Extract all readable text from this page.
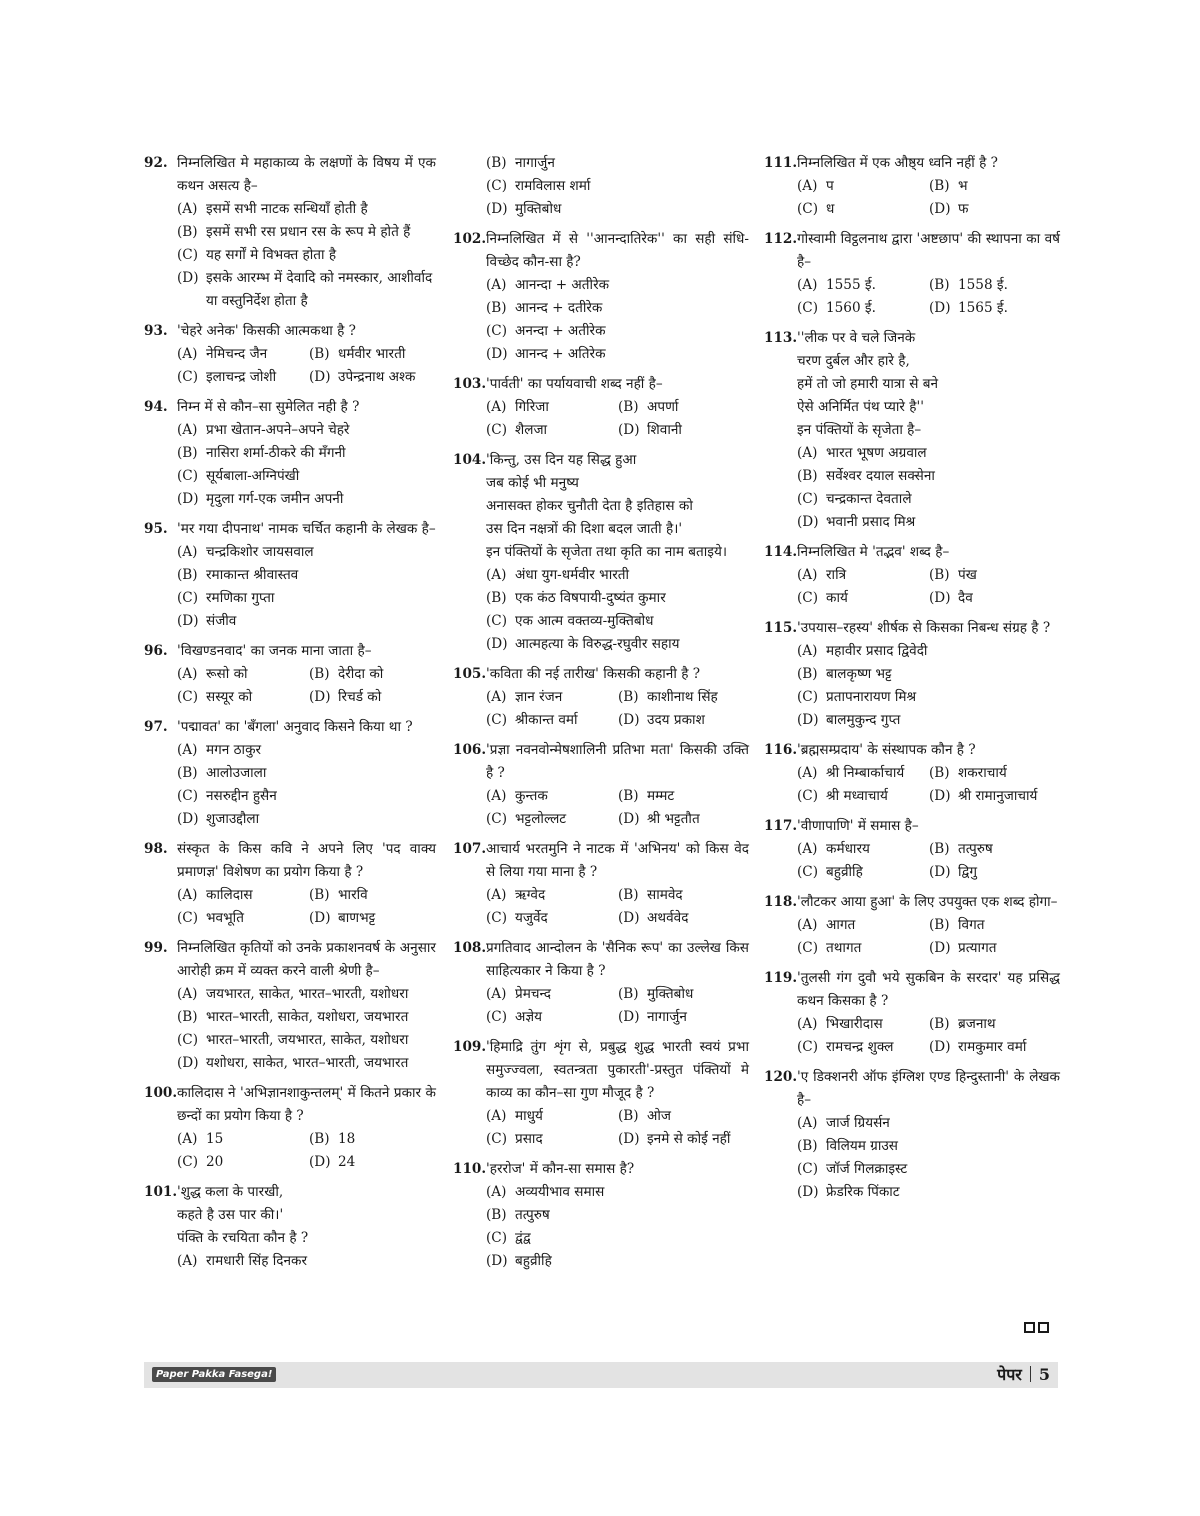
92. निम्नलिखित मे महाकाव्य के लक्षणों के विषय में एक कथन असत्य है–
(A) इसमें सभी नाटक सन्धियाँ होती है
(B) इसमें सभी रस प्रधान रस के रूप मे होते हैं
(C) यह सर्गों मे विभक्त होता है
(D) इसके आरम्भ में देवादि को नमस्कार, आशीर्वाद या वस्तुनिर्देश होता है
93. 'चेहरे अनेक' किसकी आत्मकथा है ?
(A) नेमिचन्द जैन	(B) धर्मवीर भारती
(C) इलाचन्द्र जोशी	(D) उपेन्द्रनाथ अश्क
94. निम्न में से कौन–सा सुमेलित नही है ?
(A) प्रभा खेतान-अपने–अपने चेहरे
(B) नासिरा शर्मा-ठीकरे की मँगनी
(C) सूर्यबाला-अग्निपंखी
(D) मृदुला गर्ग-एक जमीन अपनी
95. 'मर गया दीपनाथ' नामक चर्चित कहानी के लेखक है–
(A) चन्द्रकिशोर जायसवाल
(B) रमाकान्त श्रीवास्तव
(C) रमणिका गुप्ता
(D) संजीव
96. 'विखण्डनवाद' का जनक माना जाता है–
(A) रूसो को	(B) देरीदा को
(C) सस्यूर को	(D) रिचर्ड को
97. 'पद्मावत' का 'बँगला' अनुवाद किसने किया था ?
(A) मगन ठाकुर
(B) आलोउजाला
(C) नसरुद्दीन हुसैन
(D) शुजाउद्दौला
98. संस्कृत के किस कवि ने अपने लिए 'पद वाक्य प्रमाणज्ञ' विशेषण का प्रयोग किया है ?
(A) कालिदास	(B) भारवि
(C) भवभूति	(D) बाणभट्ट
99. निम्नलिखित कृतियों को उनके प्रकाशनवर्ष के अनुसार आरोही क्रम में व्यक्त करने वाली श्रेणी है–
(A) जयभारत, साकेत, भारत–भारती, यशोधरा
(B) भारत–भारती, साकेत, यशोधरा, जयभारत
(C) भारत–भारती, जयभारत, साकेत, यशोधरा
(D) यशोधरा, साकेत, भारत–भारती, जयभारत
100. कालिदास ने 'अभिज्ञानशाकुन्तलम्' में कितने प्रकार के छन्दों का प्रयोग किया है ?
(A) 15	(B) 18
(C) 20	(D) 24
101. 'शुद्ध कला के पारखी,
कहते है उस पार की।'
पंक्ति के रचयिता कौन है ?
(A) रामधारी सिंह दिनकर
(B) नागार्जुन
(C) रामविलास शर्मा
(D) मुक्तिबोध
102. निम्नलिखित में से ''आनन्दातिरेक'' का सही संधि-विच्छेद कौन-सा है?
(A) आनन्दा + अतीरेक
(B) आनन्द + दतीरेक
(C) अनन्दा + अतीरेक
(D) आनन्द + अतिरेक
103. 'पार्वती' का पर्यायवाची शब्द नहीं है–
(A) गिरिजा	(B) अपर्णा
(C) शैलजा	(D) शिवानी
104. 'किन्तु, उस दिन यह सिद्ध हुआ
जब कोई भी मनुष्य
अनासक्त होकर चुनौती देता है इतिहास को
उस दिन नक्षत्रों की दिशा बदल जाती है।'
इन पंक्तियों के सृजेता तथा कृति का नाम बताइये।
(A) अंधा युग-धर्मवीर भारती
(B) एक कंठ विषपायी-दुष्यंत कुमार
(C) एक आत्म वक्तव्य-मुक्तिबोध
(D) आत्महत्या के विरुद्ध-रघुवीर सहाय
105. 'कविता की नई तारीख' किसकी कहानी है ?
(A) ज्ञान रंजन	(B) काशीनाथ सिंह
(C) श्रीकान्त वर्मा	(D) उदय प्रकाश
106. 'प्रज्ञा नवनवोन्मेषशालिनी प्रतिभा मता' किसकी उक्ति है ?
(A) कुन्तक	(B) मम्मट
(C) भट्टलोल्लट	(D) श्री भट्टतौत
107. आचार्य भरतमुनि ने नाटक में 'अभिनय' को किस वेद से लिया गया माना है ?
(A) ऋग्वेद	(B) सामवेद
(C) यजुर्वेद	(D) अथर्ववेद
108. प्रगतिवाद आन्दोलन के 'सैनिक रूप' का उल्लेख किस साहित्यकार ने किया है ?
(A) प्रेमचन्द	(B) मुक्तिबोध
(C) अज्ञेय	(D) नागार्जुन
109. 'हिमाद्रि तुंग शृंग से, प्रबुद्ध शुद्ध भारती स्वयं प्रभा समुज्ज्वला, स्वतन्त्रता पुकारती'-प्रस्तुत पंक्तियों मे काव्य का कौन–सा गुण मौजूद है ?
(A) माधुर्य	(B) ओज
(C) प्रसाद	(D) इनमे से कोई नहीं
110. 'हररोज' में कौन-सा समास है?
(A) अव्ययीभाव समास
(B) तत्पुरुष
(C) द्वंद्व
(D) बहुव्रीहि
111. निम्नलिखित में एक औष्ठ्य ध्वनि नहीं है ?
(A) प	(B) भ
(C) ध	(D) फ
112. गोस्वामी विट्ठलनाथ द्वारा 'अष्टछाप' की स्थापना का वर्ष है–
(A) 1555 ई.	(B) 1558 ई.
(C) 1560 ई.	(D) 1565 ई.
113. ''लीक पर वे चले जिनके
चरण दुर्बल और हारे है,
हमें तो जो हमारी यात्रा से बने
ऐसे अनिर्मित पंथ प्यारे है''
इन पंक्तियों के सृजेता है–
(A) भारत भूषण अग्रवाल
(B) सर्वेश्वर दयाल सक्सेना
(C) चन्द्रकान्त देवताले
(D) भवानी प्रसाद मिश्र
114. निम्नलिखित मे 'तद्भव' शब्द है–
(A) रात्रि	(B) पंख
(C) कार्य	(D) दैव
115. 'उपयास–रहस्य' शीर्षक से किसका निबन्ध संग्रह है ?
(A) महावीर प्रसाद द्विवेदी
(B) बालकृष्ण भट्ट
(C) प्रतापनारायण मिश्र
(D) बालमुकुन्द गुप्त
116. 'ब्रह्मसम्प्रदाय' के संस्थापक कौन है ?
(A) श्री निम्बार्काचार्य	(B) शकराचार्य
(C) श्री मध्वाचार्य	(D) श्री रामानुजाचार्य
117. 'वीणापाणि' में समास है–
(A) कर्मधारय	(B) तत्पुरुष
(C) बहुव्रीहि	(D) द्विगु
118. 'लौटकर आया हुआ' के लिए उपयुक्त एक शब्द होगा–
(A) आगत	(B) विगत
(C) तथागत	(D) प्रत्यागत
119. 'तुलसी गंग दुवौ भये सुकबिन के सरदार' यह प्रसिद्ध कथन किसका है ?
(A) भिखारीदास	(B) ब्रजनाथ
(C) रामचन्द्र शुक्ल	(D) रामकुमार वर्मा
120. 'ए डिक्शनरी ऑफ इंग्लिश एण्ड हिन्दुस्तानी' के लेखक है–
(A) जार्ज ग्रियर्सन
(B) विलियम ग्राउस
(C) जॉर्ज गिलक्राइस्ट
(D) फ्रेडरिक पिंकाट
Paper Pakka Fasega!	पेपर 5
